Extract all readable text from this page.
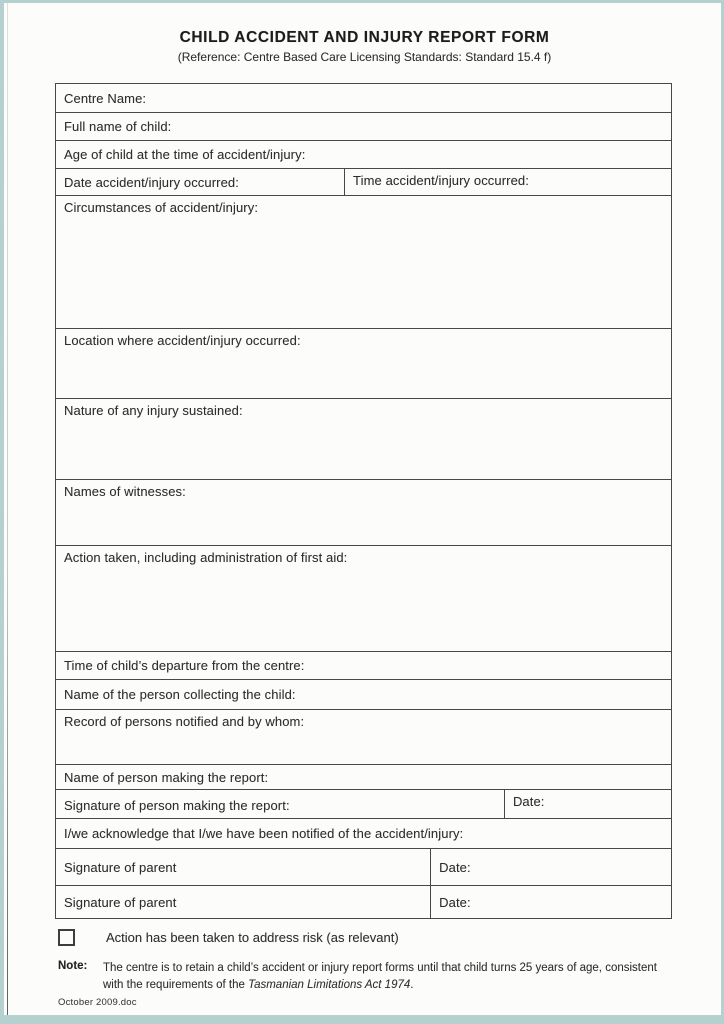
CHILD ACCIDENT AND INJURY REPORT FORM
(Reference: Centre Based Care Licensing Standards: Standard 15.4 f)
Centre Name:
Full name of child:
Age of child at the time of accident/injury:
Date accident/injury occurred:	Time accident/injury occurred:
Circumstances of accident/injury:
Location where accident/injury occurred:
Nature of any injury sustained:
Names of witnesses:
Action taken, including administration of first aid:
Time of child’s departure from the centre:
Name of the person collecting the child:
Record of persons notified and by whom:
Name of person making the report:
Signature of person making the report:	Date:
I/we acknowledge that I/we have been notified of the accident/injury:
Signature of parent	Date:
Signature of parent	Date:
Action has been taken to address risk (as relevant)
Note:	The centre is to retain a child’s accident or injury report forms until that child turns 25 years of age, consistent with the requirements of the Tasmanian Limitations Act 1974.
October 2009.doc
